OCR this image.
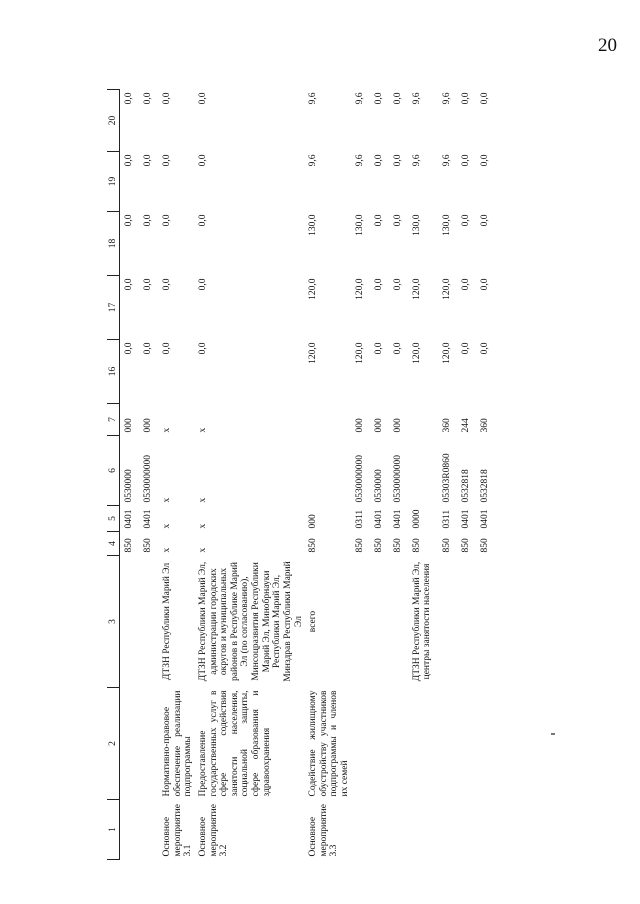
20
1	2	3	4	5	6	7	16	17	18	19	20
			850	0401	0530000	000	0,0	0,0	0,0	0,0	0,0
			850	0401	0530000000	000	0,0	0,0	0,0	0,0	0,0
Основное мероприятие 3.1	Нормативно-правовое обеспечение реализации подпрограммы	ДТЗН Республики Марий Эл	x	x	x	x	0,0	0,0	0,0	0,0	0,0
Основное мероприятие 3.2	Предоставление государственных услуг в сфере содействия занятости населения, социальной защиты, сфере образования и здравоохранения	ДТЗН Республики Марий Эл, администрации городских округов и муниципальных районов в Республике Марий Эл (по согласованию), Минсоцразвития Республики Марий Эл, Минобрнауки Республики Марий Эл, Минздрав Республики Марий Эл	x	x	x	x	0,0	0,0	0,0	0,0	0,0
Основное мероприятие 3.3	Содействие жилищному обустройству участников подпрограммы и членов их семей	всего	850	000			120,0	120,0	130,0	9,6	9,6
			850	0311	0530000000	000	120,0	120,0	130,0	9,6	9,6
			850	0401	0530000	000	0,0	0,0	0,0	0,0	0,0
			850	0401	0530000000	000	0,0	0,0	0,0	0,0	0,0
		ДТЗН Республики Марий Эл, центры занятости населения	850	0000			120,0	120,0	130,0	9,6	9,6
			850	0311	05303R0860	360	120,0	120,0	130,0	9,6	9,6
			850	0401	0532818	244	0,0	0,0	0,0	0,0	0,0
			850	0401	0532818	360	0,0	0,0	0,0	0,0	0,0
